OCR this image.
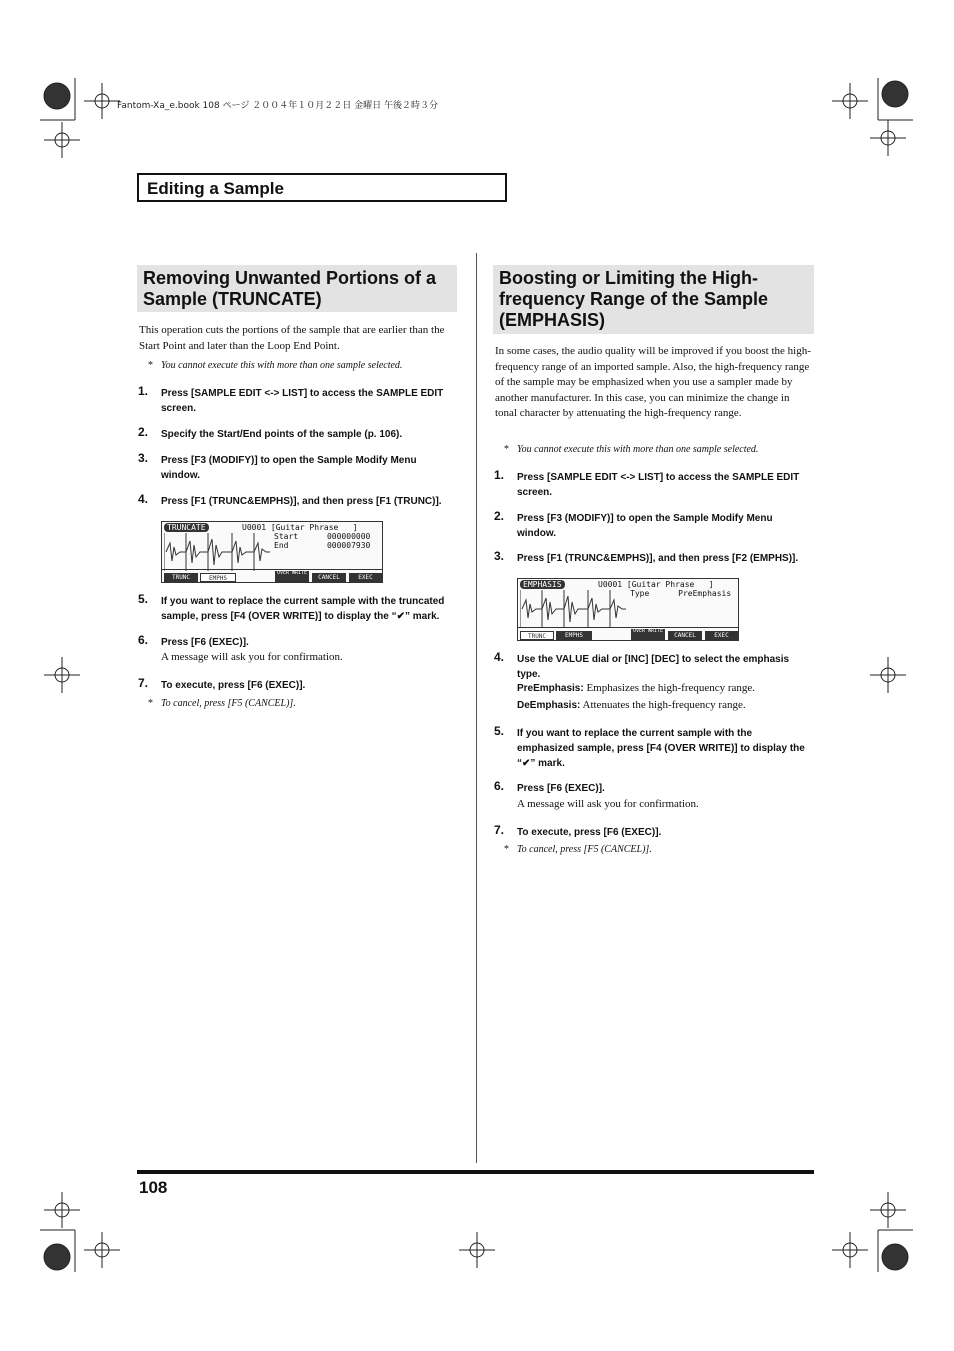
Fantom-Xa_e.book 108 ページ ２００４年１０月２２日 金曜日 午後２時３分
Editing a Sample
Removing Unwanted Portions of a Sample (TRUNCATE)
This operation cuts the portions of the sample that are earlier than the Start Point and later than the Loop End Point.
* You cannot execute this with more than one sample selected.
1. Press [SAMPLE EDIT <-> LIST] to access the SAMPLE EDIT screen.
2. Specify the Start/End points of the sample (p. 106).
3. Press [F3 (MODIFY)] to open the Sample Modify Menu window.
4. Press [F1 (TRUNC&EMPHS)], and then press [F1 (TRUNC)].
TRUNCATE	U0001 [Guitar Phrase   ]
Start      000000000
End        000007930
TRUNC	EMPHS
OVER WRITE
CANCEL	EXEC
5. If you want to replace the current sample with the truncated sample, press [F4 (OVER WRITE)] to display the “✔” mark.
6. Press [F6 (EXEC)].
A message will ask you for confirmation.
7. To execute, press [F6 (EXEC)].
* To cancel, press [F5 (CANCEL)].
Boosting or Limiting the High-frequency Range of the Sample (EMPHASIS)
In some cases, the audio quality will be improved if you boost the high-frequency range of an imported sample. Also, the high-frequency range of the sample may be emphasized when you use a sampler made by another manufacturer. In this case, you can minimize the change in tonal character by attenuating the high-frequency range.
* You cannot execute this with more than one sample selected.
1. Press [SAMPLE EDIT <-> LIST] to access the SAMPLE EDIT screen.
2. Press [F3 (MODIFY)] to open the Sample Modify Menu window.
3. Press [F1 (TRUNC&EMPHS)], and then press [F2 (EMPHS)].
EMPHASIS	U0001 [Guitar Phrase   ]
Type      PreEmphasis
TRUNC	EMPHS
OVER WRITE
CANCEL	EXEC
4. Use the VALUE dial or [INC] [DEC] to select the emphasis type.
PreEmphasis: Emphasizes the high-frequency range.
DeEmphasis: Attenuates the high-frequency range.
5. If you want to replace the current sample with the emphasized sample, press [F4 (OVER WRITE)] to display the “✔” mark.
6. Press [F6 (EXEC)].
A message will ask you for confirmation.
7. To execute, press [F6 (EXEC)].
* To cancel, press [F5 (CANCEL)].
108
